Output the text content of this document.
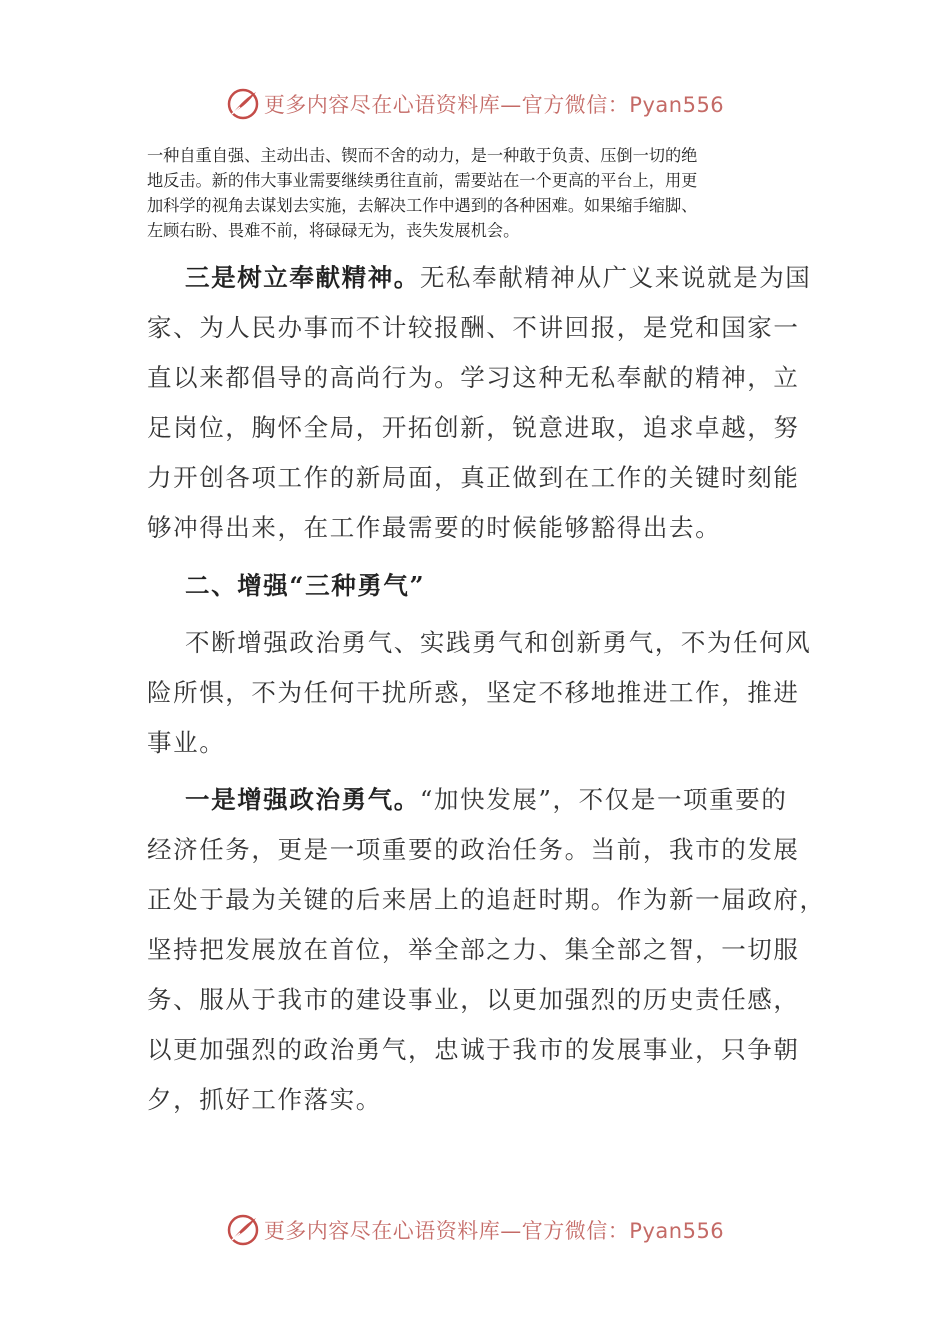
更多内容尽在心语资料库—官方微信：Pyan556
一种自重自强、主动出击、锲而不舍的动力，是一种敢于负责、压倒一切的绝
地反击。新的伟大事业需要继续勇往直前，需要站在一个更高的平台上，用更
加科学的视角去谋划去实施，去解决工作中遇到的各种困难。如果缩手缩脚、
左顾右盼、畏难不前，将碌碌无为，丧失发展机会。
三是树立奉献精神。无私奉献精神从广义来说就是为国
家、为人民办事而不计较报酬、不讲回报，是党和国家一
直以来都倡导的高尚行为。学习这种无私奉献的精神，立
足岗位，胸怀全局，开拓创新，锐意进取，追求卓越，努
力开创各项工作的新局面，真正做到在工作的关键时刻能
够冲得出来，在工作最需要的时候能够豁得出去。
二、增强“三种勇气”
不断增强政治勇气、实践勇气和创新勇气，不为任何风
险所惧，不为任何干扰所惑，坚定不移地推进工作，推进
事业。
一是增强政治勇气。“加快发展”，不仅是一项重要的
经济任务，更是一项重要的政治任务。当前，我市的发展
正处于最为关键的后来居上的追赶时期。作为新一届政府，
坚持把发展放在首位，举全部之力、集全部之智，一切服
务、服从于我市的建设事业，以更加强烈的历史责任感，
以更加强烈的政治勇气，忠诚于我市的发展事业，只争朝
夕，抓好工作落实。
更多内容尽在心语资料库—官方微信：Pyan556
